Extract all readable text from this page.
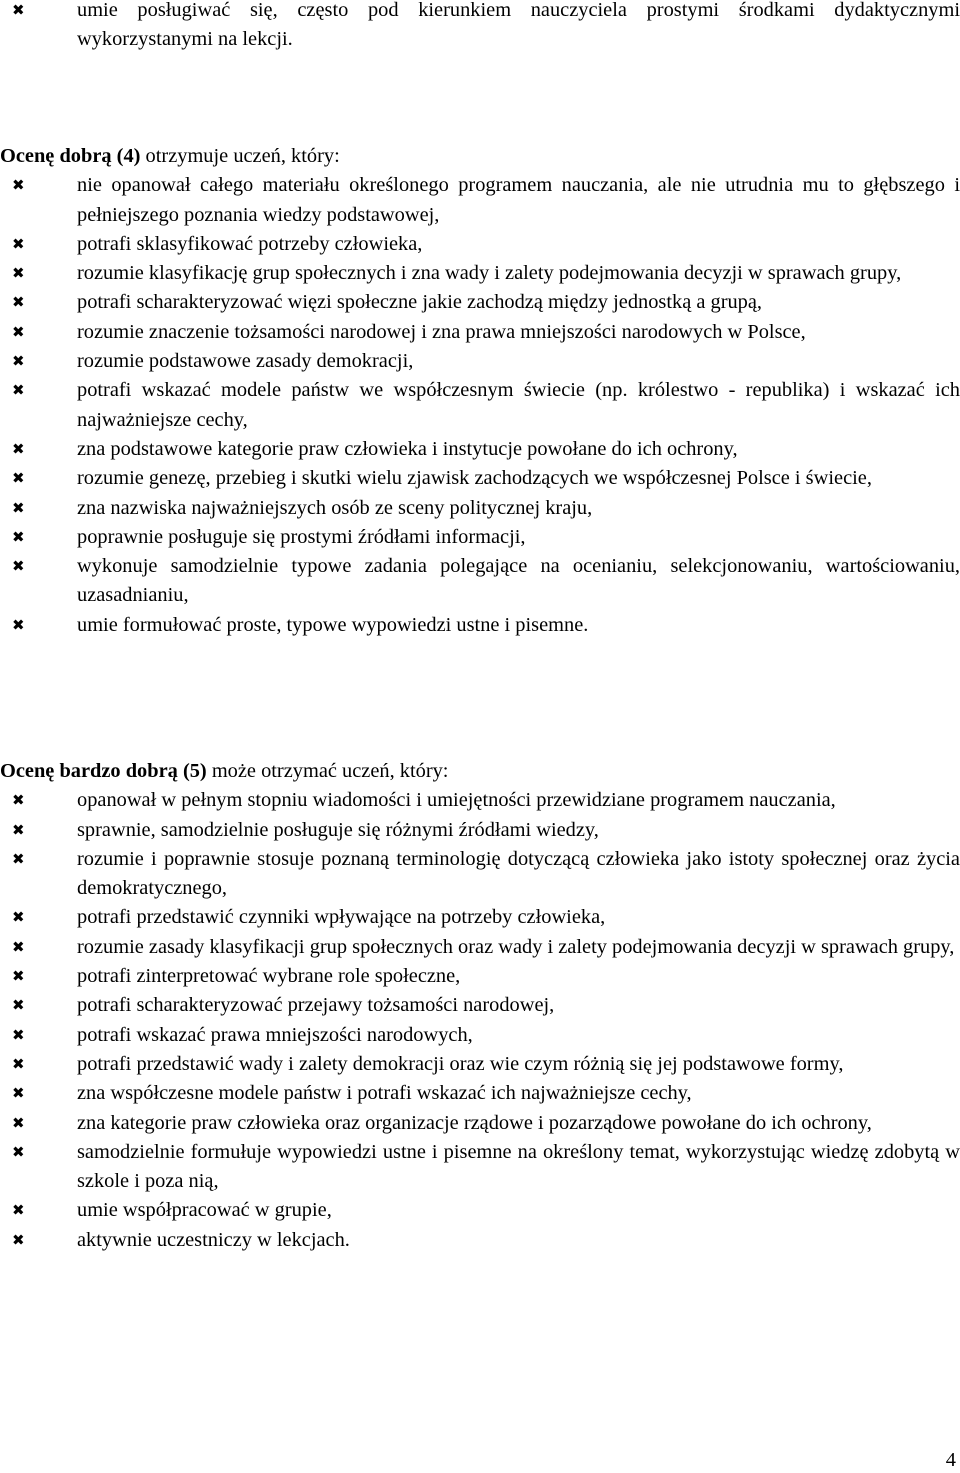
✖	umie posługiwać się, często pod kierunkiem nauczyciela prostymi środkami dydaktycznymi wykorzystanymi na lekcji.

Ocenę dobrą (4) otrzymuje uczeń, który:

✖	nie opanował całego materiału określonego programem nauczania, ale nie utrudnia mu to głębszego i pełniejszego poznania wiedzy podstawowej,
✖	potrafi sklasyfikować potrzeby człowieka,
✖	rozumie klasyfikację grup społecznych i zna wady i zalety podejmowania decyzji w sprawach grupy,
✖	potrafi scharakteryzować więzi społeczne jakie zachodzą między jednostką a grupą,
✖	rozumie znaczenie tożsamości narodowej i zna prawa mniejszości narodowych w Polsce,
✖	rozumie podstawowe zasady demokracji,
✖	potrafi wskazać modele państw we współczesnym świecie (np. królestwo - republika) i wskazać ich najważniejsze cechy,
✖	zna podstawowe kategorie praw człowieka i instytucje powołane do ich ochrony,
✖	rozumie genezę, przebieg i skutki wielu zjawisk zachodzących we współczesnej Polsce i świecie,
✖	zna nazwiska najważniejszych osób ze sceny politycznej kraju,
✖	poprawnie posługuje się prostymi źródłami informacji,
✖	wykonuje samodzielnie typowe zadania polegające na ocenianiu, selekcjonowaniu, wartościowaniu, uzasadnianiu,
✖	umie formułować proste, typowe wypowiedzi ustne i pisemne.

Ocenę bardzo dobrą (5) może otrzymać uczeń, który:

✖	opanował w pełnym stopniu wiadomości i umiejętności przewidziane programem nauczania,
✖	sprawnie, samodzielnie posługuje się różnymi źródłami wiedzy,
✖	rozumie i poprawnie stosuje poznaną terminologię dotyczącą człowieka jako istoty społecznej oraz życia demokratycznego,
✖	potrafi przedstawić czynniki wpływające na potrzeby człowieka,
✖	rozumie zasady klasyfikacji grup społecznych oraz wady i zalety podejmowania decyzji w sprawach grupy,
✖	potrafi zinterpretować wybrane role społeczne,
✖	potrafi scharakteryzować przejawy tożsamości narodowej,
✖	potrafi wskazać prawa mniejszości narodowych,
✖	potrafi przedstawić wady i zalety demokracji oraz wie czym różnią się jej podstawowe formy,
✖	zna współczesne modele państw i potrafi wskazać ich najważniejsze cechy,
✖	zna kategorie praw człowieka oraz organizacje rządowe i pozarządowe powołane do ich ochrony,
✖	samodzielnie formułuje wypowiedzi ustne i pisemne na określony temat, wykorzystując wiedzę zdobytą w szkole i poza nią,
✖	umie współpracować w grupie,
✖	aktywnie uczestniczy w lekcjach.
4
